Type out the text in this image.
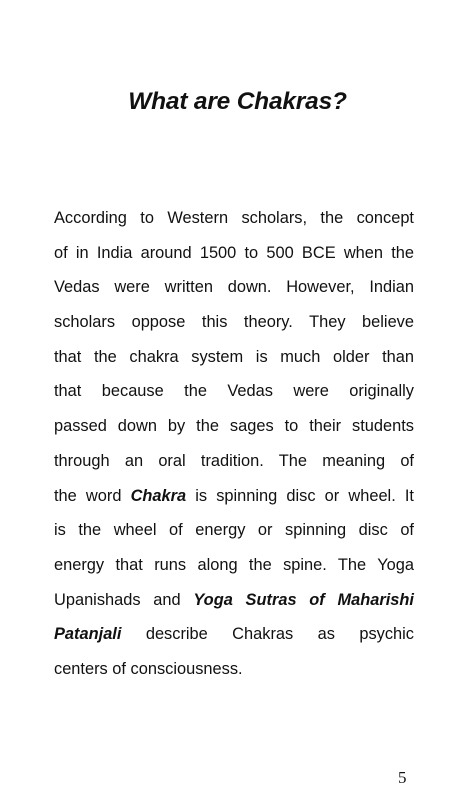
What are Chakras?
According to Western scholars, the concept
of in India around 1500 to 500 BCE when the
Vedas were written down. However, Indian
scholars oppose this theory. They believe
that the chakra system is much older than
that because the Vedas were originally
passed down by the sages to their students
through an oral tradition. The meaning of
the word Chakra is spinning disc or wheel. It
is the wheel of energy or spinning disc of
energy that runs along the spine. The Yoga
Upanishads and Yoga Sutras of Maharishi
Patanjali describe Chakras as psychic
centers of consciousness.
5
